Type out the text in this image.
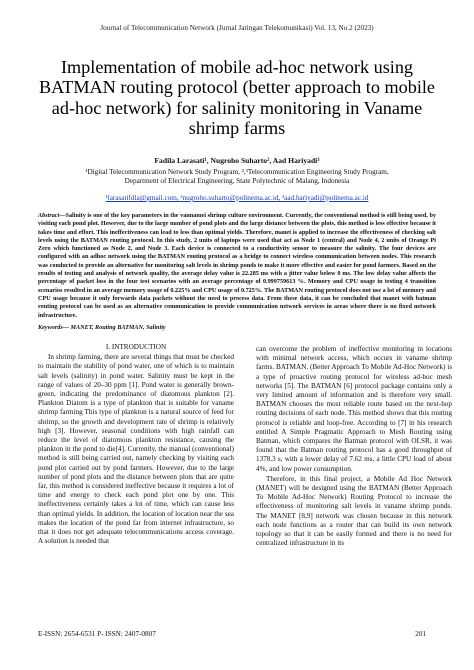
Journal of Telecommunication Network (Jurnal Jaringan Telekomunikasi) Vol. 13, No.2 (2023)
Implementation of mobile ad-hoc network using BATMAN routing protocol (better approach to mobile ad-hoc network) for salinity monitoring in Vaname shrimp farms
Fadila Larasati¹, Nugroho Suharto², Aad Hariyadi³
¹Digital Telecommunication Network Study Program, ²,³Telecommunication Engineering Study Program,
Department of Electrical Engineering, State Polytechnic of Malang, Indonesia
¹larasatifdla@gmail.com, ²nugroho.suharto@polinema.ac.id, ³aad.hariyadi@polinema.ac.id
Abstract—Salinity is one of the key parameters in the vannamei shrimp culture environment. Currently, the conventional method is still being used, by visiting each pond plot. However, due to the large number of pond plots and the large distance between the plots, this method is less effective because it takes time and effort. This ineffectiveness can lead to less than optimal yields. Therefore, manet is applied to increase the effectiveness of checking salt levels using the BATMAN routing protocol. In this study, 2 units of laptops were used that act as Node 1 (central) and Node 4, 2 units of Orange Pi Zero which functioned as Node 2, and Node 3. Each device is connected to a conductivity sensor to measure the salinity. The four devices are configured with an adhoc network using the BATMAN routing protocol as a bridge to connect wireless communication between nodes. This research was conducted to provide an alternative for monitoring salt levels in shrimp ponds to make it more effective and easier for pond farmers. Based on the results of testing and analysis of network quality, the average delay value is 22.285 ms with a jitter value below 0 ms. The low delay value affects the percentage of packet loss in the four test scenarios with an average percentage of 0.999759613 %. Memory and CPU usage in testing 4 transition scenarios resulted in an average memory usage of 0.225% and CPU usage of 0.725%. The BATMAN routing protocol does not use a lot of memory and CPU usage because it only forwards data packets without the need to process data. From these data, it can be concluded that manet with batman routing protocol can be used as an alternative communication to provide communication network services in areas where there is no fixed network infrastructure.
Keywords— MANET, Routing BATMAN, Salinity
I. INTRODUCTION

In shrimp farming, there are several things that must be checked to maintain the stability of pond water, one of which is to maintain salt levels (salinity) in pond water. Salinity must be kept in the range of values of 20–30 ppm [1]. Pond water is generally brown-green, indicating the predominance of diatomous plankton [2]. Plankton Diatom is a type of plankton that is suitable for vaname shrimp farming This type of plankton is a natural source of feed for shrimp, so the growth and development rate of shrimp is relatively high [3]. However, seasonal conditions with high rainfall can reduce the level of diatomous plankton resistance, causing the plankton in the pond to die[4]. Currently, the manual (conventional) method is still being carried out, namely checking by visiting each pond plot carried out by pond farmers. However, due to the large number of pond plots and the distance between plots that are quite far, this method is considered ineffective because it requires a lot of time and energy to check each pond plot one by one. This ineffectiveness certainly takes a lot of time, which can cause less than optimal yields. In addition, the location of location near the sea makes the location of the pond far from internet infrastructure, so that it does not get adequate telecommunications access coverage. A solution is needed that

can overcome the problem of ineffective monitoring in locations with minimal network access, which occurs in vaname shrimp farms. BATMAN. (Better Approach To Mobile Ad-Hoc Network) is a type of proactive routing protocol for wireless ad-hoc mesh networks [5]. The BATMAN [6] protocol package contains only a very limited amount of information and is therefore very small. BATMAN chooses the most reliable route based on the next-hop routing decisions of each node. This method shows that this routing protocol is reliable and loop-free. According to [7] in his research entitled A Simple Pragmatic Approach to Mesh Routing using Batman, which compares the Batman protocol with OLSR, it was found that the Batman routing protocol has a good throughput of 1378.3 s, with a lower delay of 7.62 ms, a little CPU load of about 4%, and low power consumption.

Therefore, in this final project, a Mobile Ad Hoc Network (MANET) will be designed using the BATMAN (Better Approach To Mobile Ad-Hoc Network) Routing Protocol to increase the effectiveness of monitoring salt levels in vaname shrimp ponds. The MANET [8,9] network was chosen because in this network each node functions as a router that can build its own network topology so that it can be easily formed and there is no need for centralized infrastructure in its

E-ISSN: 2654-6531 P- ISSN: 2407-0807	201
